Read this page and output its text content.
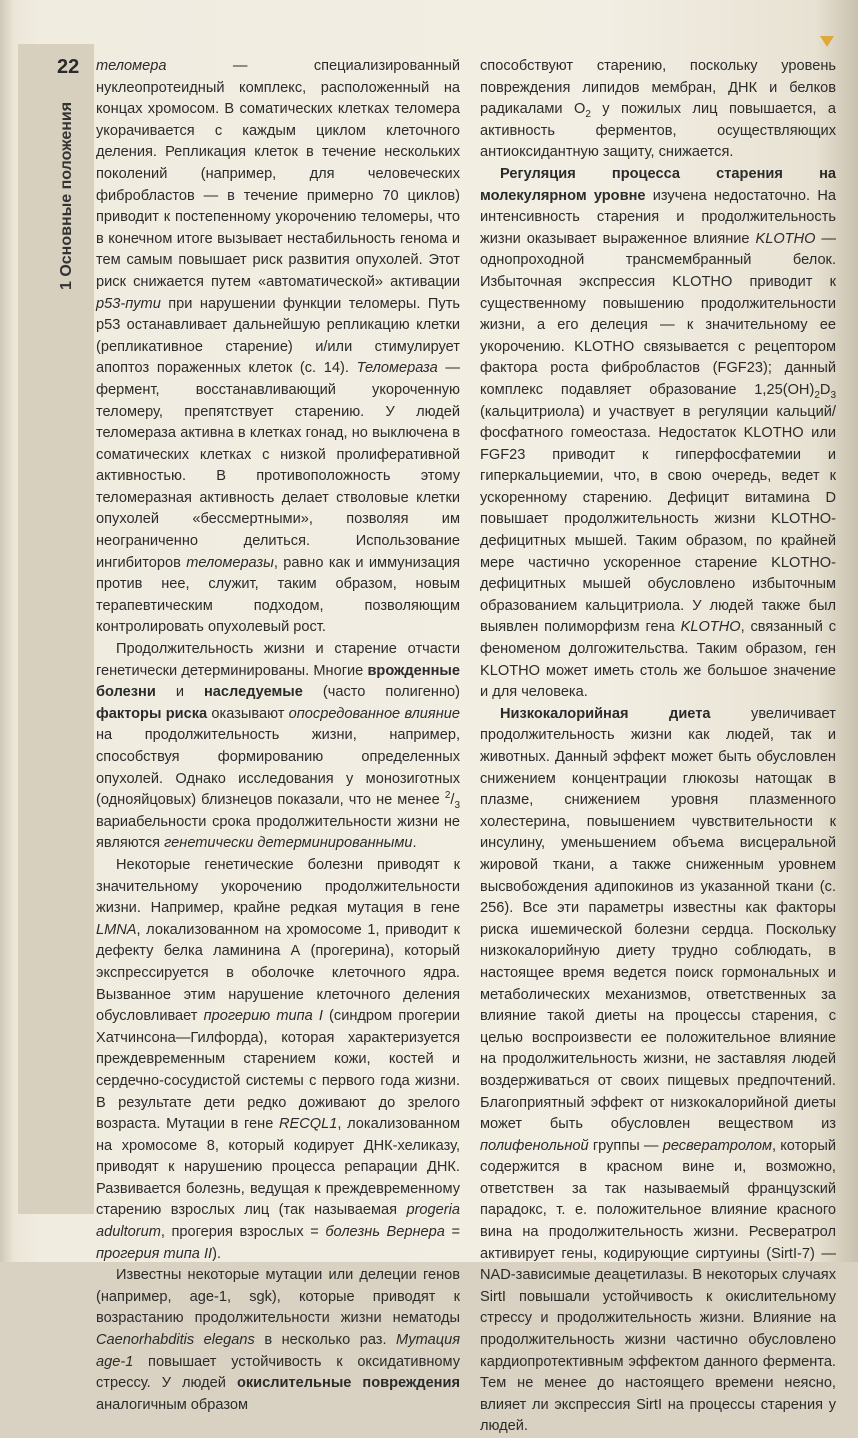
22
1 Основные положения

теломера — специализированный нуклеопротеидный комплекс, расположенный на концах хромосом. В соматических клетках теломера укорачивается с каждым циклом клеточного деления. Репликация клеток в течение нескольких поколений (например, для человеческих фибробластов — в течение примерно 70 циклов) приводит к постепенному укорочению теломеры, что в конечном итоге вызывает нестабильность генома и тем самым повышает риск развития опухолей. Этот риск снижается путем «автоматической» активации p53-пути при нарушении функции теломеры. Путь p53 останавливает дальнейшую репликацию клетки (репликативное старение) и/или стимулирует апоптоз пораженных клеток (с. 14). Теломераза — фермент, восстанавливающий укороченную теломеру, препятствует старению. У людей теломераза активна в клетках гонад, но выключена в соматических клетках с низкой пролиферативной активностью. В противоположность этому теломеразная активность делает стволовые клетки опухолей «бессмертными», позволяя им неограниченно делиться. Использование ингибиторов теломеразы, равно как и иммунизация против нее, служит, таким образом, новым терапевтическим подходом, позволяющим контролировать опухолевый рост.

Продолжительность жизни и старение отчасти генетически детерминированы. Многие врожденные болезни и наследуемые (часто полигенно) факторы риска оказывают опосредованное влияние на продолжительность жизни, например, способствуя формированию определенных опухолей. Однако исследования у монозиготных (однояйцовых) близнецов показали, что не менее $^2/_3$ вариабельности срока продолжительности жизни не являются генетически детерминированными.

Некоторые генетические болезни приводят к значительному укорочению продолжительности жизни. Например, крайне редкая мутация в гене LMNA, локализованном на хромосоме 1, приводит к дефекту белка ламинина А (прогерина), который экспрессируется в оболочке клеточного ядра. Вызванное этим нарушение клеточного деления обусловливает прогерию типа I (синдром прогерии Хатчинсона—Гилфорда), которая характеризуется преждевременным старением кожи, костей и сердечно-сосудистой системы с первого года жизни. В результате дети редко доживают до зрелого возраста. Мутации в гене RECQL1, локализованном на хромосоме 8, который кодирует ДНК-хеликазу, приводят к нарушению процесса репарации ДНК. Развивается болезнь, ведущая к преждевременному старению взрослых лиц (так называемая progeria adultorum, прогерия взрослых = болезнь Вернера = прогерия типа II).

Известны некоторые мутации или делеции генов (например, age-1, sgk), которые приводят к возрастанию продолжительности жизни нематоды Caenorhabditis elegans в несколько раз. Мутация age-1 повышает устойчивость к оксидативному стрессу. У людей окислительные повреждения аналогичным образом

способствуют старению, поскольку уровень повреждения липидов мембран, ДНК и белков радикалами $O_2$ у пожилых лиц повышается, а активность ферментов, осуществляющих антиоксидантную защиту, снижается.

Регуляция процесса старения на молекулярном уровне изучена недостаточно. На интенсивность старения и продолжительность жизни оказывает выраженное влияние KLOTHO — однопроходной трансмембранный белок. Избыточная экспрессия KLOTHO приводит к существенному повышению продолжительности жизни, а его делеция — к значительному ее укорочению. KLOTHO связывается с рецептором фактора роста фибробластов (FGF23); данный комплекс подавляет образование $1,25(OH)_2D_3$ (кальцитриола) и участвует в регуляции кальций/фосфатного гомеостаза. Недостаток KLOTHO или FGF23 приводит к гиперфосфатемии и гиперкальциемии, что, в свою очередь, ведет к ускоренному старению. Дефицит витамина D повышает продолжительность жизни KLOTHO-дефицитных мышей. Таким образом, по крайней мере частично ускоренное старение KLOTHO-дефицитных мышей обусловлено избыточным образованием кальцитриола. У людей также был выявлен полиморфизм гена KLOTHO, связанный с феноменом долгожительства. Таким образом, ген KLOTHO может иметь столь же большое значение и для человека.

Низкокалорийная диета увеличивает продолжительность жизни как людей, так и животных. Данный эффект может быть обусловлен снижением концентрации глюкозы натощак в плазме, снижением уровня плазменного холестерина, повышением чувствительности к инсулину, уменьшением объема висцеральной жировой ткани, а также сниженным уровнем высвобождения адипокинов из указанной ткани (с. 256). Все эти параметры известны как факторы риска ишемической болезни сердца. Поскольку низкокалорийную диету трудно соблюдать, в настоящее время ведется поиск гормональных и метаболических механизмов, ответственных за влияние такой диеты на процессы старения, с целью воспроизвести ее положительное влияние на продолжительность жизни, не заставляя людей воздерживаться от своих пищевых предпочтений. Благоприятный эффект от низкокалорийной диеты может быть обусловлен веществом из полифенольной группы — ресвератролом, который содержится в красном вине и, возможно, ответствен за так называемый французский парадокс, т. е. положительное влияние красного вина на продолжительность жизни. Ресвератрол активирует гены, кодирующие сиртуины (SirtI-7) — NAD-зависимые деацетилазы. В некоторых случаях SirtI повышали устойчивость к окислительному стрессу и продолжительность жизни. Влияние на продолжительность жизни частично обусловлено кардиопротективным эффектом данного фермента. Тем не менее до настоящего времени неясно, влияет ли экспрессия SirtI на процессы старения у людей.
